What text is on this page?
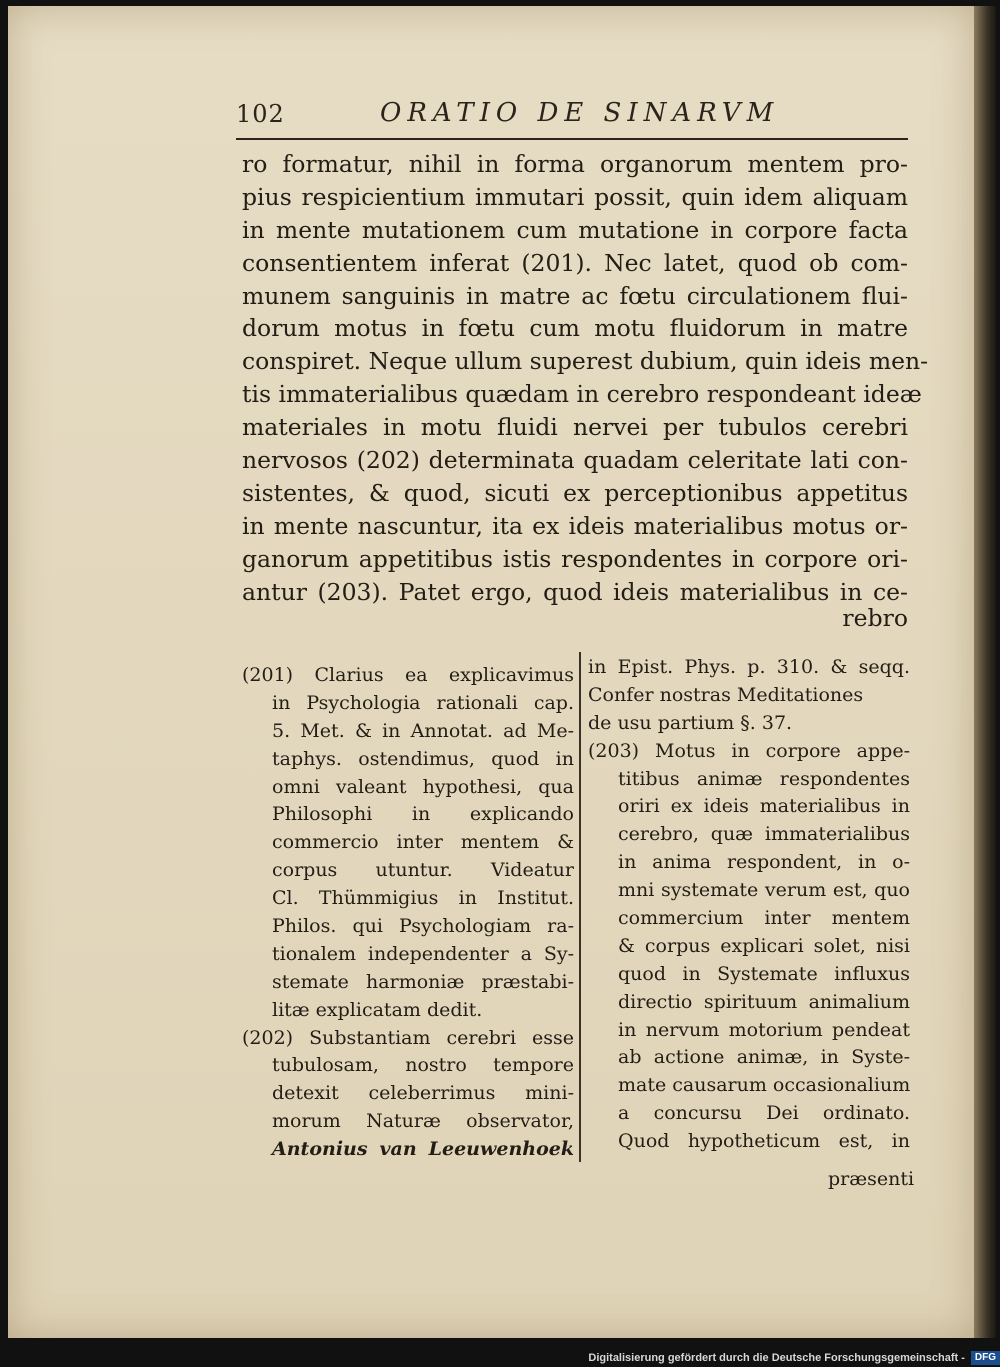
102	ORATIO DE SINARVM
ro formatur, nihil in forma organorum mentem pro-
pius respicientium immutari possit, quin idem aliquam
in mente mutationem cum mutatione in corpore facta
consentientem inferat (201). Nec latet, quod ob com-
munem sanguinis in matre ac fœtu circulationem flui-
dorum motus in fœtu cum motu fluidorum in matre
conspiret. Neque ullum superest dubium, quin ideis men-
tis immaterialibus quædam in cerebro respondeant ideæ
materiales in motu fluidi nervei per tubulos cerebri
nervosos (202) determinata quadam celeritate lati con-
sistentes, & quod, sicuti ex perceptionibus appetitus
in mente nascuntur, ita ex ideis materialibus motus or-
ganorum appetitibus istis respondentes in corpore ori-
antur (203). Patet ergo, quod ideis materialibus in ce-
rebro
(201) Clarius ea explicavimus
in Psychologia rationali cap.
5. Met. & in Annotat. ad Me-
taphys. ostendimus, quod in
omni valeant hypothesi, qua
Philosophi in explicando
commercio inter mentem &
corpus utuntur. Videatur
Cl. Thümmigius in Institut.
Philos. qui Psychologiam ra-
tionalem independenter a Sy-
stemate harmoniæ præstabi-
litæ explicatam dedit.
(202) Substantiam cerebri esse
tubulosam, nostro tempore
detexit celeberrimus mini-
morum Naturæ observator,
Antonius van Leeuwenhoek
in Epist. Phys. p. 310. & seqq.
Confer nostras Meditationes
de usu partium §. 37.
(203) Motus in corpore appe-
titibus animæ respondentes
oriri ex ideis materialibus in
cerebro, quæ immaterialibus
in anima respondent, in o-
mni systemate verum est, quo
commercium inter mentem
& corpus explicari solet, nisi
quod in Systemate influxus
directio spirituum animalium
in nervum motorium pendeat
ab actione animæ, in Syste-
mate causarum occasionalium
a concursu Dei ordinato.
Quod hypotheticum est, in
præsenti
Digitalisierung gefördert durch die Deutsche Forschungsgemeinschaft -	DFG
